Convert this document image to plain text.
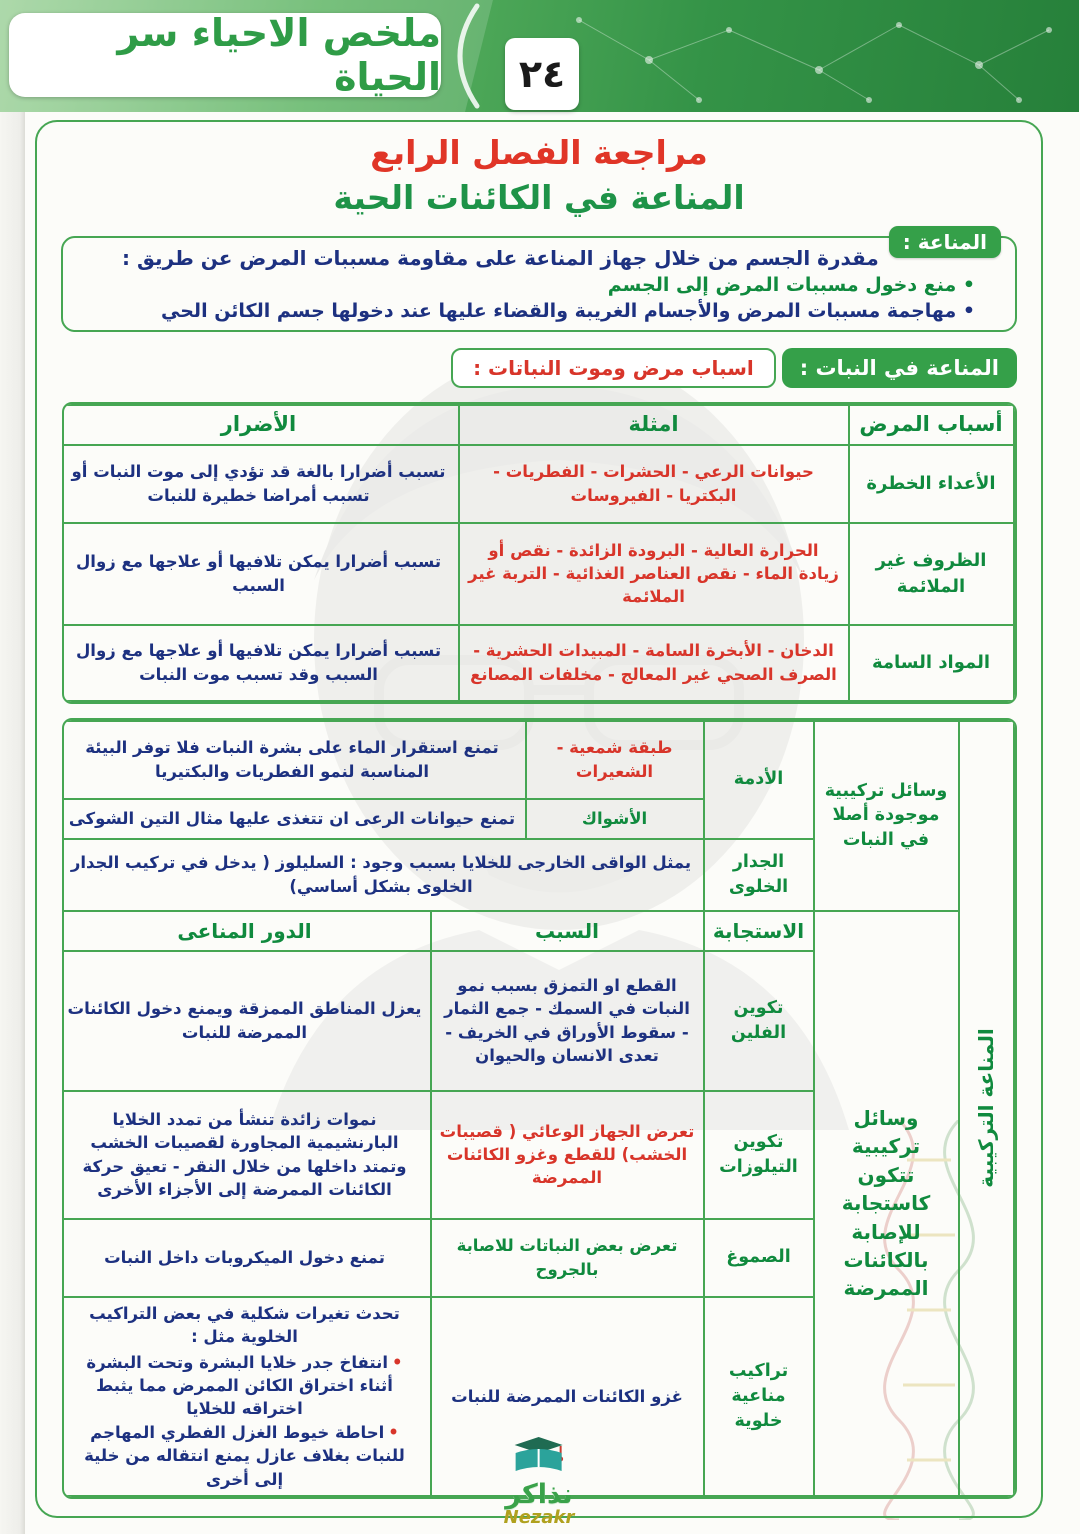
ملخص الاحياء سر الحياة ٢٤
مراجعة الفصل الرابع
المناعة في الكائنات الحية
المناعة :
مقدرة الجسم من خلال جهاز المناعة على مقاومة مسببات المرض عن طريق :
• منع دخول مسببات المرض إلى الجسم
• مهاجمة مسببات المرض والأجسام الغريبة والقضاء عليها عند دخولها جسم الكائن الحي
المناعة في النبات :
اسباب مرض وموت النباتات :
أسباب المرض	امثلة	الأضرار
الأعداء الخطرة	حيوانات الرعي - الحشرات - الفطريات - البكتريا - الفيروسات	تسبب أضرارا بالغة قد تؤدي إلى موت النبات أو تسبب أمراضا خطيرة للنبات
الظروف غير الملائمة	الحرارة العالية - البرودة الزائدة - نقص أو زيادة الماء - نقص العناصر الغذائية - التربة غير الملائمة	تسبب أضرارا يمكن تلافيها أو علاجها مع زوال السبب
المواد السامة	الدخان - الأبخرة السامة - المبيدات الحشرية - الصرف الصحي غير المعالج - مخلفات المصانع	تسبب أضرارا يمكن تلافيها أو علاجها مع زوال السبب وقد تسبب موت النبات
المناعة التركيبية	وسائل تركيبية موجودة أصلا في النبات	الأدمة	طبقة شمعية - الشعيرات	تمنع استقرار الماء على بشرة النبات فلا توفر البيئة المناسبة لنمو الفطريات والبكتيريا	
			الأشواك	تمنع حيوانات الرعى ان تتغذى عليها مثال التين الشوكى	
		الجدار الخلوى	يمثل الواقى الخارجى للخلايا بسبب وجود : السليلوز ( يدخل في تركيب الجدار الخلوى بشكل أساسي)		
	وسائل تركيبية تتكون كاستجابة للإصابة بالكائنات الممرضة	الاستجابة	السبب		الدور المناعى
		تكوين الفلين	القطع او التمزق بسبب نمو النبات في السمك - جمع الثمار - سقوط الأوراق في الخريف - تعدى الانسان والحيوان		يعزل المناطق الممزقة ويمنع دخول الكائنات الممرضة للنبات
		تكوين التيلوزات	تعرض الجهاز الوعائي ( قصيبات الخشب) للقطع وغزو الكائنات الممرضة		نموات زائدة تنشأ من تمدد الخلايا البارنشيمية المجاورة لقصيبات الخشب وتمتد داخلها من خلال النقر - تعيق حركة الكائنات الممرضة إلى الأجزاء الأخرى
		الصموغ	تعرض بعض النباتات للاصابة بالجروح		تمنع دخول الميكروبات داخل النبات
		تراكيب مناعية خلوية	غزو الكائنات الممرضة للنبات		تحدث تغيرات شكلية في بعض التراكيب الخلوية مثل :
• انتفاخ جدر خلايا البشرة وتحت البشرة أثناء اختراق الكائن الممرض مما يثبط اختراقه للخلايا
• احاطة خيوط الغزل الفطري المهاجم للنبات بغلاف عازل يمنع انتقاله من خلية إلى أخرى	نذاكر
Nezakr
